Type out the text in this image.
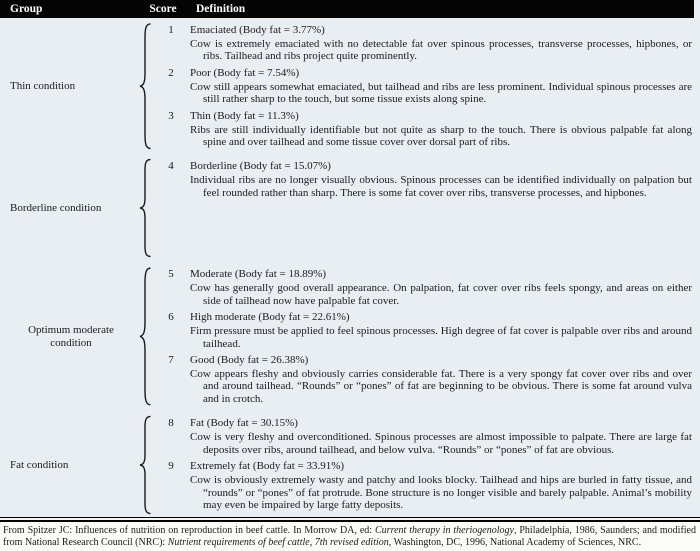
Group	Score	Definition
Thin condition
1	Emaciated (Body fat = 3.77%)

Cow is extremely emaciated with no detectable fat over spinous processes, transverse processes, hipbones, or ribs. Tailhead and ribs project quite prominently.

2	Poor (Body fat = 7.54%)

Cow still appears somewhat emaciated, but tailhead and ribs are less prominent. Individual spinous processes are still rather sharp to the touch, but some tissue exists along spine.

3	Thin (Body fat = 11.3%)

Ribs are still individually identifiable but not quite as sharp to the touch. There is obvious palpable fat along spine and over tailhead and some tissue cover over dorsal part of ribs.

Borderline condition
4	Borderline (Body fat = 15.07%)

Individual ribs are no longer visually obvious. Spinous processes can be identified individually on palpation but feel rounded rather than sharp. There is some fat cover over ribs, transverse processes, and hipbones.

Optimum moderate condition
5	Moderate (Body fat = 18.89%)

Cow has generally good overall appearance. On palpation, fat cover over ribs feels spongy, and areas on either side of tailhead now have palpable fat cover.

6	High moderate (Body fat = 22.61%)

Firm pressure must be applied to feel spinous processes. High degree of fat cover is palpable over ribs and around tailhead.

7	Good (Body fat = 26.38%)

Cow appears fleshy and obviously carries considerable fat. There is a very spongy fat cover over ribs and over and around tailhead. “Rounds” or “pones” of fat are beginning to be obvious. There is some fat around vulva and in crotch.

Fat condition
8	Fat (Body fat = 30.15%)

Cow is very fleshy and overconditioned. Spinous processes are almost impossible to palpate. There are large fat deposits over ribs, around tailhead, and below vulva. “Rounds” or “pones” of fat are obvious.

9	Extremely fat (Body fat = 33.91%)

Cow is obviously extremely wasty and patchy and looks blocky. Tailhead and hips are burled in fatty tissue, and “rounds” or “pones” of fat protrude. Bone structure is no longer visible and barely palpable. Animal’s mobility may even be impaired by large fatty deposits.

From Spitzer JC: Influences of nutrition on reproduction in beef cattle. In Morrow DA, ed: Current therapy in theriogenology, Philadelphia, 1986, Saunders; and modified from National Research Council (NRC): Nutrient requirements of beef cattle, 7th revised edition, Washington, DC, 1996, National Academy of Sciences, NRC.
